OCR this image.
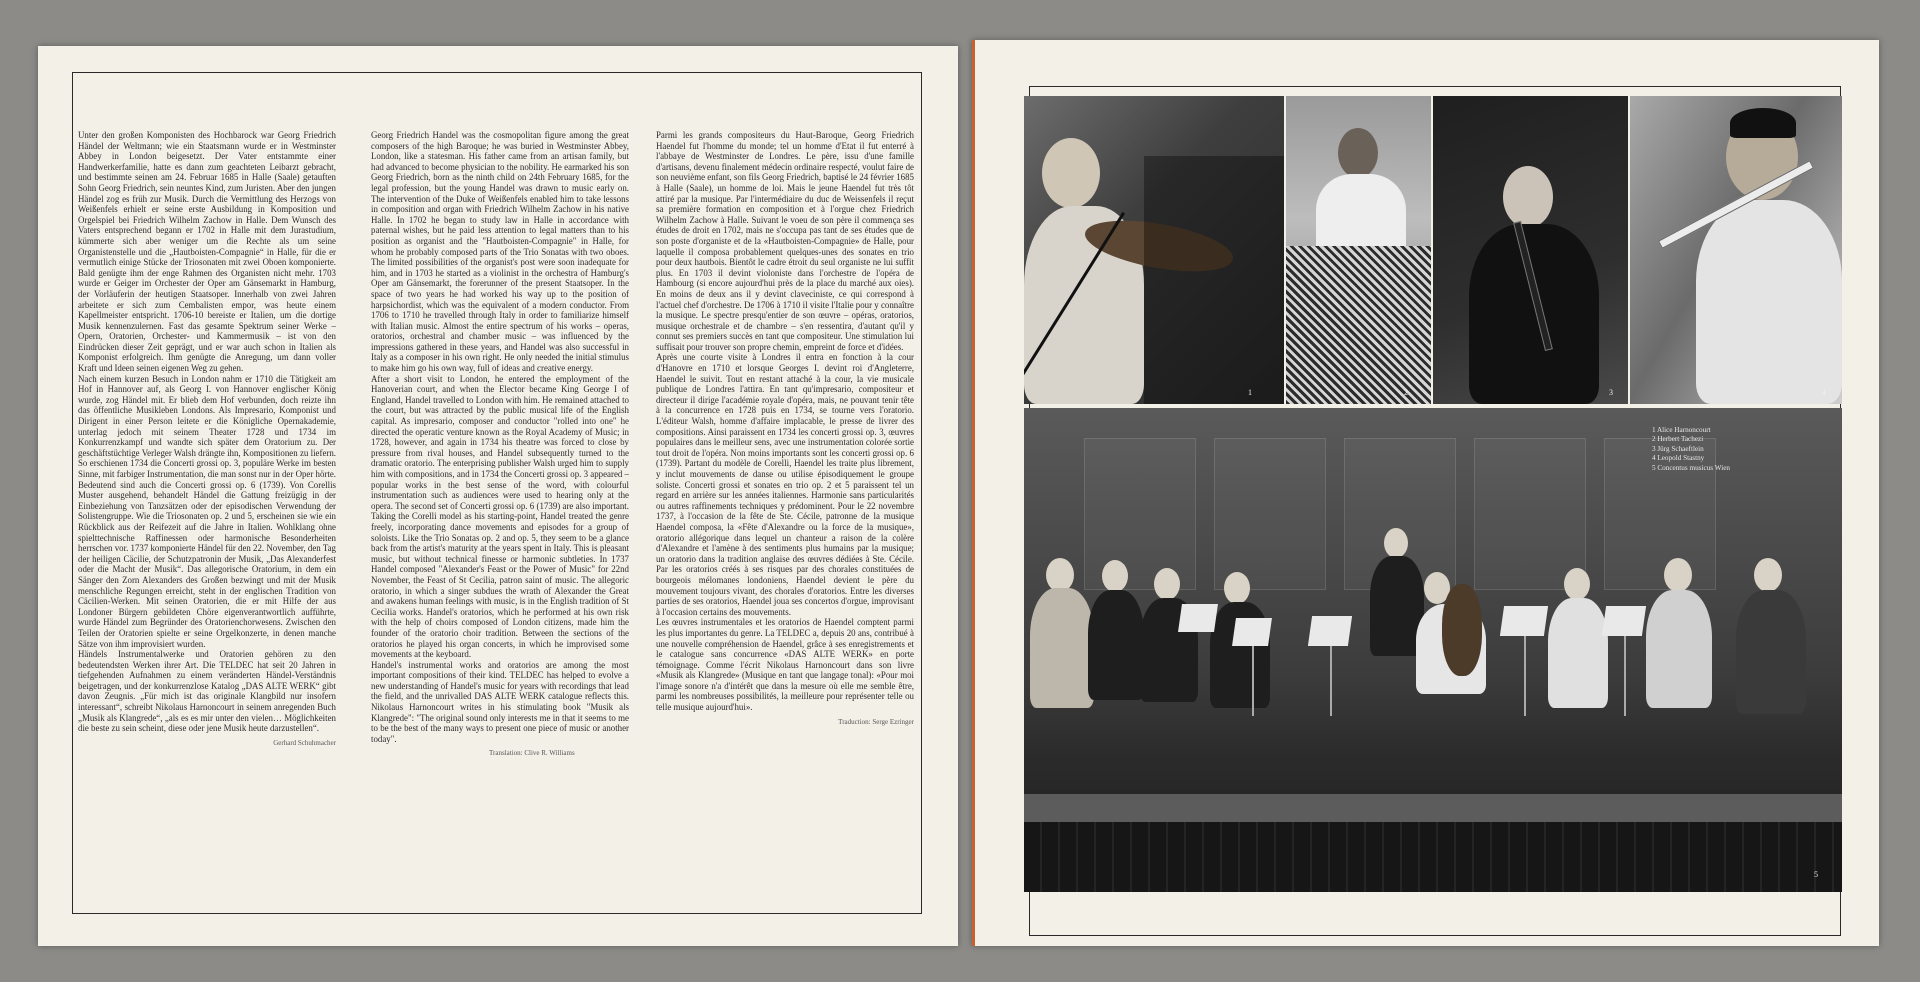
Unter den großen Komponisten des Hochbarock war Georg Friedrich Händel der Weltmann; wie ein Staatsmann wurde er in Westminster Abbey in London beigesetzt. Der Vater entstammte einer Handwerkerfamilie, hatte es dann zum geachteten Leibarzt gebracht, und bestimmte seinen am 24. Februar 1685 in Halle (Saale) getauften Sohn Georg Friedrich, sein neuntes Kind, zum Juristen. Aber den jungen Händel zog es früh zur Musik. Durch die Vermittlung des Herzogs von Weißenfels erhielt er seine erste Ausbildung in Komposition und Orgelspiel bei Friedrich Wilhelm Zachow in Halle. Dem Wunsch des Vaters entsprechend begann er 1702 in Halle mit dem Jurastudium, kümmerte sich aber weniger um die Rechte als um seine Organistenstelle und die „Hautboisten-Compagnie“ in Halle, für die er vermutlich einige Stücke der Triosonaten mit zwei Oboen komponierte. Bald genügte ihm der enge Rahmen des Organisten nicht mehr. 1703 wurde er Geiger im Orchester der Oper am Gänsemarkt in Hamburg, der Vorläuferin der heutigen Staatsoper. Innerhalb von zwei Jahren arbeitete er sich zum Cembalisten empor, was heute einem Kapellmeister entspricht. 1706-10 bereiste er Italien, um die dortige Musik kennenzulernen. Fast das gesamte Spektrum seiner Werke – Opern, Oratorien, Orchester- und Kammermusik – ist von den Eindrücken dieser Zeit geprägt, und er war auch schon in Italien als Komponist erfolgreich. Ihm genügte die Anregung, um dann voller Kraft und Ideen seinen eigenen Weg zu gehen.

Nach einem kurzen Besuch in London nahm er 1710 die Tätigkeit am Hof in Hannover auf, als Georg I. von Hannover englischer König wurde, zog Händel mit. Er blieb dem Hof verbunden, doch reizte ihn das öffentliche Musikleben Londons. Als Impresario, Komponist und Dirigent in einer Person leitete er die Königliche Opernakademie, unterlag jedoch mit seinem Theater 1728 und 1734 im Konkurrenzkampf und wandte sich später dem Oratorium zu. Der geschäftstüchtige Verleger Walsh drängte ihn, Kompositionen zu liefern. So erschienen 1734 die Concerti grossi op. 3, populäre Werke im besten Sinne, mit farbiger Instrumentation, die man sonst nur in der Oper hörte. Bedeutend sind auch die Concerti grossi op. 6 (1739). Von Corellis Muster ausgehend, behandelt Händel die Gattung freizügig in der Einbeziehung von Tanzsätzen oder der episodischen Verwendung der Solistengruppe. Wie die Triosonaten op. 2 und 5, erscheinen sie wie ein Rückblick aus der Reifezeit auf die Jahre in Italien. Wohlklang ohne spielttechnische Raffinessen oder harmonische Besonderheiten herrschen vor. 1737 komponierte Händel für den 22. November, den Tag der heiligen Cäcilie, der Schutzpatronin der Musik, „Das Alexanderfest oder die Macht der Musik“. Das allegorische Oratorium, in dem ein Sänger den Zorn Alexanders des Großen bezwingt und mit der Musik menschliche Regungen erreicht, steht in der englischen Tradition von Cäcilien-Werken. Mit seinen Oratorien, die er mit Hilfe der aus Londoner Bürgern gebildeten Chöre eigenverantwortlich aufführte, wurde Händel zum Begründer des Oratorienchorwesens. Zwischen den Teilen der Oratorien spielte er seine Orgelkonzerte, in denen manche Sätze von ihm improvisiert wurden.

Händels Instrumentalwerke und Oratorien gehören zu den bedeutendsten Werken ihrer Art. Die TELDEC hat seit 20 Jahren in tiefgehenden Aufnahmen zu einem veränderten Händel-Verständnis beigetragen, und der konkurrenzlose Katalog „DAS ALTE WERK“ gibt davon Zeugnis. „Für mich ist das originale Klangbild nur insofern interessant“, schreibt Nikolaus Harnoncourt in seinem anregenden Buch „Musik als Klangrede“, „als es es mir unter den vielen… Möglichkeiten die beste zu sein scheint, diese oder jene Musik heute darzustellen“.

Gerhard Schuhmacher

Georg Friedrich Handel was the cosmopolitan figure among the great composers of the high Baroque; he was buried in Westminster Abbey, London, like a statesman. His father came from an artisan family, but had advanced to become physician to the nobility. He earmarked his son Georg Friedrich, born as the ninth child on 24th February 1685, for the legal profession, but the young Handel was drawn to music early on. The intervention of the Duke of Weißenfels enabled him to take lessons in composition and organ with Friedrich Wilhelm Zachow in his native Halle. In 1702 he began to study law in Halle in accordance with paternal wishes, but he paid less attention to legal matters than to his position as organist and the "Hautboisten-Compagnie" in Halle, for whom he probably composed parts of the Trio Sonatas with two oboes. The limited possibilities of the organist's post were soon inadequate for him, and in 1703 he started as a violinist in the orchestra of Hamburg's Oper am Gänsemarkt, the forerunner of the present Staatsoper. In the space of two years he had worked his way up to the position of harpsichordist, which was the equivalent of a modern conductor. From 1706 to 1710 he travelled through Italy in order to familiarize himself with Italian music. Almost the entire spectrum of his works – operas, oratorios, orchestral and chamber music – was influenced by the impressions gathered in these years, and Handel was also successful in Italy as a composer in his own right. He only needed the initial stimulus to make him go his own way, full of ideas and creative energy.

After a short visit to London, he entered the employment of the Hanoverian court, and when the Elector became King George I of England, Handel travelled to London with him. He remained attached to the court, but was attracted by the public musical life of the English capital. As impresario, composer and conductor "rolled into one" he directed the operatic venture known as the Royal Academy of Music; in 1728, however, and again in 1734 his theatre was forced to close by pressure from rival houses, and Handel subsequently turned to the dramatic oratorio. The enterprising publisher Walsh urged him to supply him with compositions, and in 1734 the Concerti grossi op. 3 appeared – popular works in the best sense of the word, with colourful instrumentation such as audiences were used to hearing only at the opera. The second set of Concerti grossi op. 6 (1739) are also important. Taking the Corelli model as his starting-point, Handel treated the genre freely, incorporating dance movements and episodes for a group of soloists. Like the Trio Sonatas op. 2 and op. 5, they seem to be a glance back from the artist's maturity at the years spent in Italy. This is pleasant music, but without technical finesse or harmonic subtleties. In 1737 Handel composed "Alexander's Feast or the Power of Music" for 22nd November, the Feast of St Cecilia, patron saint of music. The allegoric oratorio, in which a singer subdues the wrath of Alexander the Great and awakens human feelings with music, is in the English tradition of St Cecilia works. Handel's oratorios, which he performed at his own risk with the help of choirs composed of London citizens, made him the founder of the oratorio choir tradition. Between the sections of the oratorios he played his organ concerts, in which he improvised some movements at the keyboard.

Handel's instrumental works and oratorios are among the most important compositions of their kind. TELDEC has helped to evolve a new understanding of Handel's music for years with recordings that lead the field, and the unrivalled DAS ALTE WERK catalogue reflects this. Nikolaus Harnoncourt writes in his stimulating book "Musik als Klangrede": "The original sound only interests me in that it seems to me to be the best of the many ways to present one piece of music or another today".

Translation: Clive R. Williams

Parmi les grands compositeurs du Haut-Baroque, Georg Friedrich Haendel fut l'homme du monde; tel un homme d'Etat il fut enterré à l'abbaye de Westminster de Londres. Le père, issu d'une famille d'artisans, devenu finalement médecin ordinaire respecté, voulut faire de son neuvième enfant, son fils Georg Friedrich, baptisé le 24 février 1685 à Halle (Saale), un homme de loi. Mais le jeune Haendel fut très tôt attiré par la musique. Par l'intermédiaire du duc de Weissenfels il reçut sa première formation en composition et à l'orgue chez Friedrich Wilhelm Zachow à Halle. Suivant le voeu de son père il commença ses études de droit en 1702, mais ne s'occupa pas tant de ses études que de son poste d'organiste et de la «Hautboisten-Compagnie» de Halle, pour laquelle il composa probablement quelques-unes des sonates en trio pour deux hautbois. Bientôt le cadre étroit du seul organiste ne lui suffit plus. En 1703 il devint violoniste dans l'orchestre de l'opéra de Hambourg (si encore aujourd'hui près de la place du marché aux oies). En moins de deux ans il y devint claveciniste, ce qui correspond à l'actuel chef d'orchestre. De 1706 à 1710 il visite l'Italie pour y connaître la musique. Le spectre presqu'entier de son œuvre – opéras, oratorios, musique orchestrale et de chambre – s'en ressentira, d'autant qu'il y connut ses premiers succès en tant que compositeur. Une stimulation lui suffisait pour trouver son propre chemin, empreint de force et d'idées.

Après une courte visite à Londres il entra en fonction à la cour d'Hanovre en 1710 et lorsque Georges I. devint roi d'Angleterre, Haendel le suivit. Tout en restant attaché à la cour, la vie musicale publique de Londres l'attira. En tant qu'impresario, compositeur et directeur il dirige l'académie royale d'opéra, mais, ne pouvant tenir tête à la concurrence en 1728 puis en 1734, se tourne vers l'oratorio. L'éditeur Walsh, homme d'affaire implacable, le presse de livrer des compositions. Ainsi paraissent en 1734 les concerti grossi op. 3, œuvres populaires dans le meilleur sens, avec une instrumentation colorée sortie tout droit de l'opéra. Non moins importants sont les concerti grossi op. 6 (1739). Partant du modèle de Corelli, Haendel les traite plus librement, y inclut mouvements de danse ou utilise épisodiquement le groupe soliste. Concerti grossi et sonates en trio op. 2 et 5 paraissent tel un regard en arrière sur les années italiennes. Harmonie sans particularités ou autres raffinements techniques y prédominent. Pour le 22 novembre 1737, à l'occasion de la fête de Ste. Cécile, patronne de la musique Haendel composa, la «Fête d'Alexandre ou la force de la musique», oratorio allégorique dans lequel un chanteur a raison de la colère d'Alexandre et l'amène à des sentiments plus humains par la musique; un oratorio dans la tradition anglaise des œuvres dédiées à Ste. Cécile. Par les oratorios créés à ses risques par des chorales constituées de bourgeois mélomanes londoniens, Haendel devient le père du mouvement toujours vivant, des chorales d'oratorios. Entre les diverses parties de ses oratorios, Haendel joua ses concertos d'orgue, improvisant à l'occasion certains des mouvements.

Les œuvres instrumentales et les oratorios de Haendel comptent parmi les plus importantes du genre. La TELDEC a, depuis 20 ans, contribué à une nouvelle compréhension de Haendel, grâce à ses enregistrements et le catalogue sans concurrence «DAS ALTE WERK» en porte témoignage. Comme l'écrit Nikolaus Harnoncourt dans son livre «Musik als Klangrede» (Musique en tant que langage tonal): «Pour moi l'image sonore n'a d'intérêt que dans la mesure où elle me semble être, parmi les nombreuses possibilités, la meilleure pour représenter telle ou telle musique aujourd'hui».

Traduction: Serge Ezringer
1	2	3	4
1 Alice Harnoncourt
2 Herbert Tachezi
3 Jürg Schaeftlein
4 Leopold Stastny
5 Concentus musicus Wien
5
